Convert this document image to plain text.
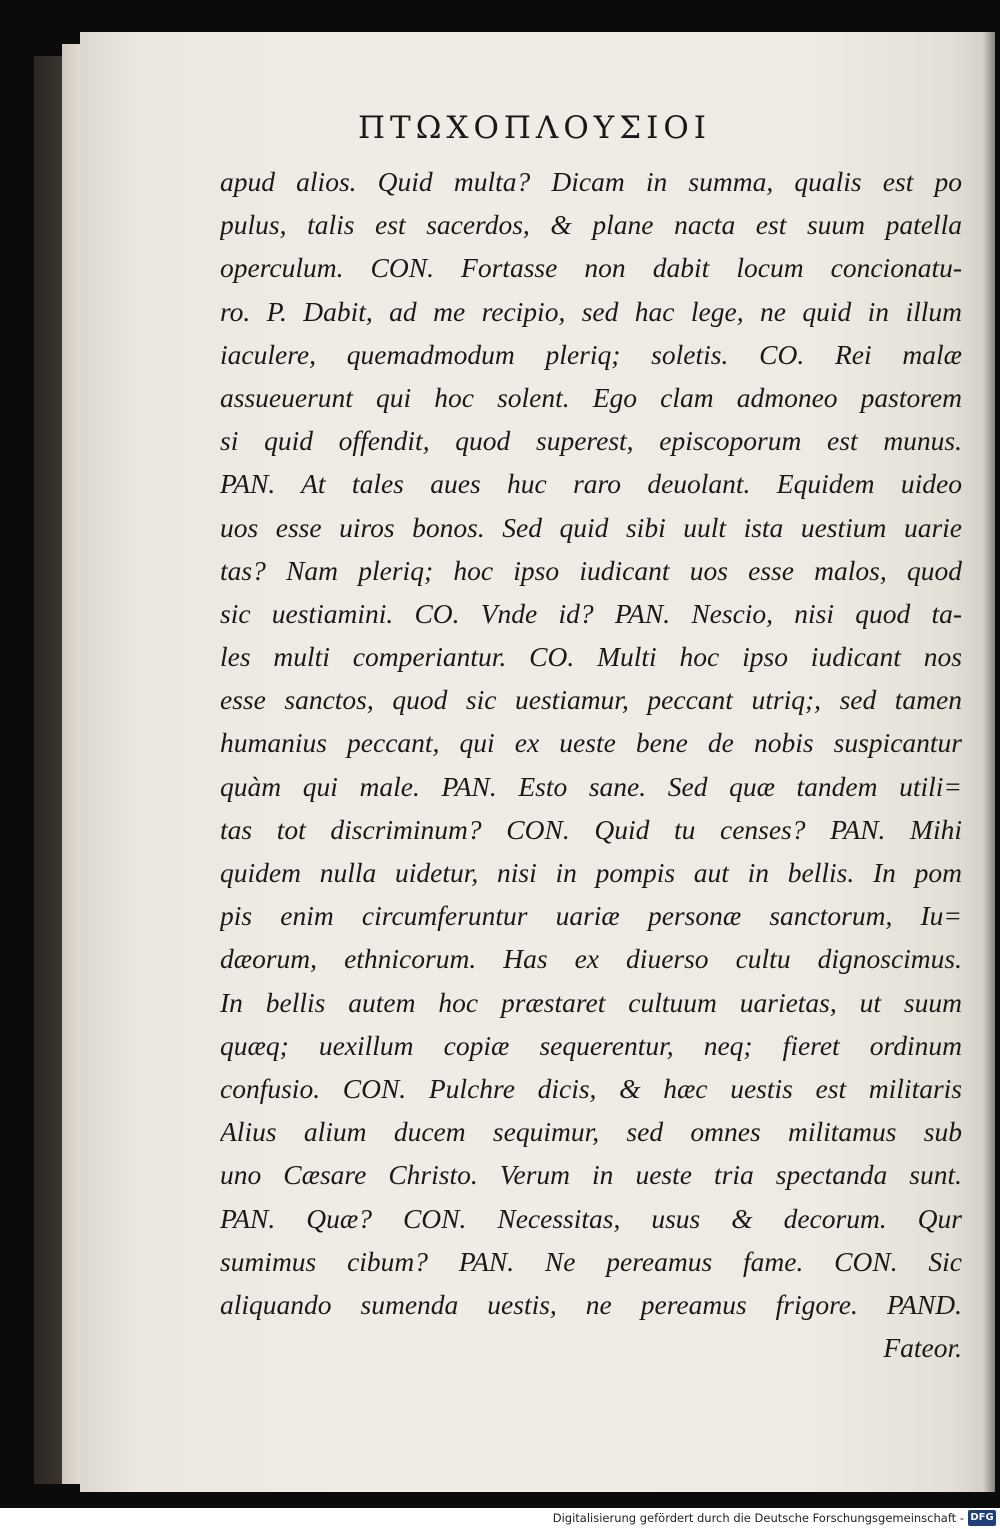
ΠΤΩΧΟΠΛΟΥΣΙΟΙ
apud alios. Quid multa? Dicam in summa, qualis est po
pulus, talis est sacerdos, & plane nacta est suum patella
operculum. CON. Fortasse non dabit locum concionatu-
ro. P. Dabit, ad me recipio, sed hac lege, ne quid in illum
iaculere, quemadmodum pleriq; soletis. CO. Rei malæ
assueuerunt qui hoc solent. Ego clam admoneo pastorem
si quid offendit, quod superest, episcoporum est munus.
PAN. At tales aues huc raro deuolant. Equidem uideo
uos esse uiros bonos. Sed quid sibi uult ista uestium uarie
tas? Nam pleriq; hoc ipso iudicant uos esse malos, quod
sic uestiamini. CO. Vnde id? PAN. Nescio, nisi quod ta-
les multi comperiantur. CO. Multi hoc ipso iudicant nos
esse sanctos, quod sic uestiamur, peccant utriq;, sed tamen
humanius peccant, qui ex ueste bene de nobis suspicantur
quàm qui male. PAN. Esto sane. Sed quæ tandem utili=
tas tot discriminum? CON. Quid tu censes? PAN. Mihi
quidem nulla uidetur, nisi in pompis aut in bellis. In pom
pis enim circumferuntur uariæ personæ sanctorum, Iu=
dæorum, ethnicorum. Has ex diuerso cultu dignoscimus.
In bellis autem hoc præstaret cultuum uarietas, ut suum
quæq; uexillum copiæ sequerentur, neq; fieret ordinum
confusio. CON. Pulchre dicis, & hæc uestis est militaris
Alius alium ducem sequimur, sed omnes militamus sub
uno Cæsare Christo. Verum in ueste tria spectanda sunt.
PAN. Quæ? CON. Necessitas, usus & decorum. Qur
sumimus cibum? PAN. Ne pereamus fame. CON. Sic
aliquando sumenda uestis, ne pereamus frigore. PAND.
Fateor.
Digitalisierung gefördert durch die Deutsche Forschungsgemeinschaft - DFG
